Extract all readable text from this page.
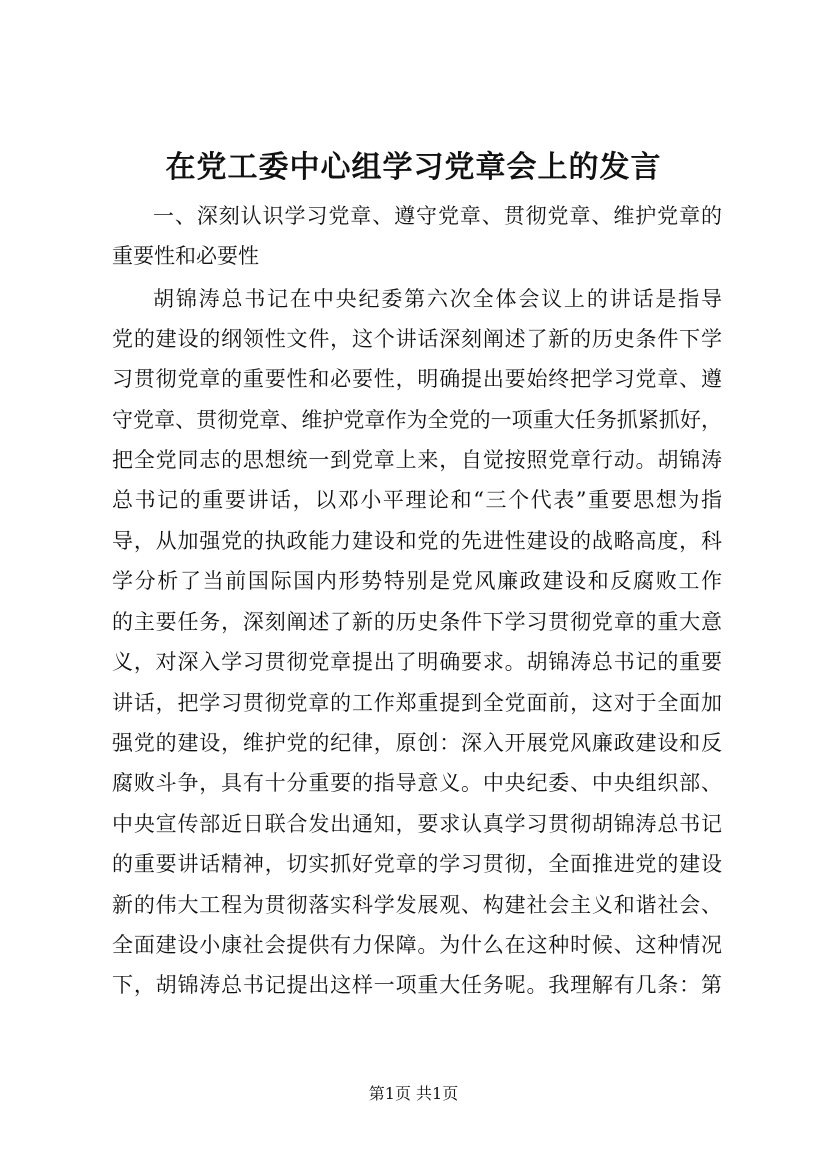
在党工委中心组学习党章会上的发言
一、深刻认识学习党章、遵守党章、贯彻党章、维护党章的
重要性和必要性
胡锦涛总书记在中央纪委第六次全体会议上的讲话是指导
党的建设的纲领性文件，这个讲话深刻阐述了新的历史条件下学
习贯彻党章的重要性和必要性，明确提出要始终把学习党章、遵
守党章、贯彻党章、维护党章作为全党的一项重大任务抓紧抓好，
把全党同志的思想统一到党章上来，自觉按照党章行动。胡锦涛
总书记的重要讲话，以邓小平理论和“三个代表”重要思想为指
导，从加强党的执政能力建设和党的先进性建设的战略高度，科
学分析了当前国际国内形势特别是党风廉政建设和反腐败工作
的主要任务，深刻阐述了新的历史条件下学习贯彻党章的重大意
义，对深入学习贯彻党章提出了明确要求。胡锦涛总书记的重要
讲话，把学习贯彻党章的工作郑重提到全党面前，这对于全面加
强党的建设，维护党的纪律，原创：深入开展党风廉政建设和反
腐败斗争，具有十分重要的指导意义。中央纪委、中央组织部、
中央宣传部近日联合发出通知，要求认真学习贯彻胡锦涛总书记
的重要讲话精神，切实抓好党章的学习贯彻，全面推进党的建设
新的伟大工程为贯彻落实科学发展观、构建社会主义和谐社会、
全面建设小康社会提供有力保障。为什么在这种时候、这种情况
下，胡锦涛总书记提出这样一项重大任务呢。我理解有几条：第
第1页 共1页
